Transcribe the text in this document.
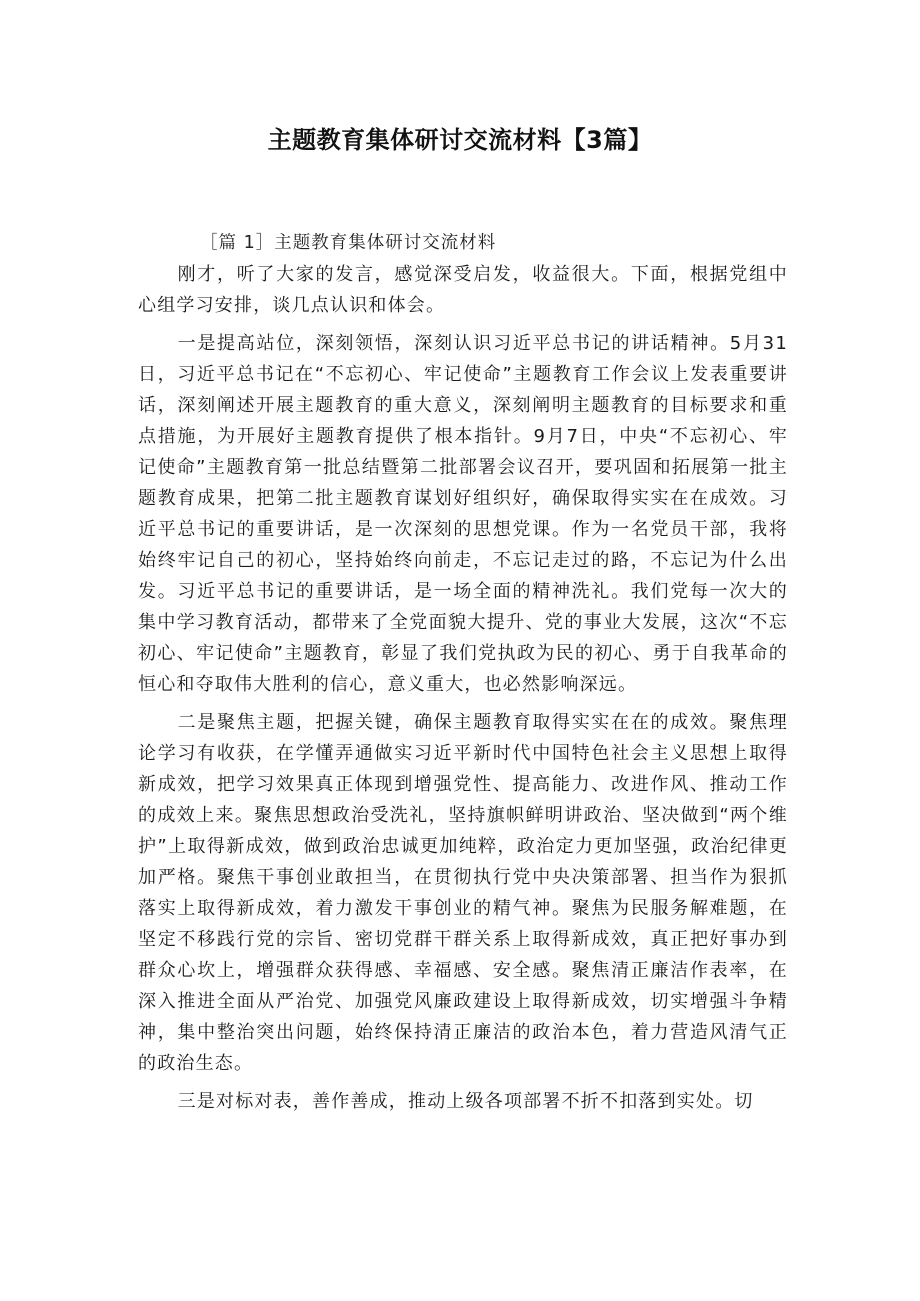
主题教育集体研讨交流材料【3篇】

［篇 1］主题教育集体研讨交流材料

刚才，听了大家的发言，感觉深受启发，收益很大。下面，根据党组中心组学习安排，谈几点认识和体会。

一是提高站位，深刻领悟，深刻认识习近平总书记的讲话精神。5月31日，习近平总书记在“不忘初心、牢记使命”主题教育工作会议上发表重要讲话，深刻阐述开展主题教育的重大意义，深刻阐明主题教育的目标要求和重点措施，为开展好主题教育提供了根本指针。9月7日，中央“不忘初心、牢记使命”主题教育第一批总结暨第二批部署会议召开，要巩固和拓展第一批主题教育成果，把第二批主题教育谋划好组织好，确保取得实实在在成效。习近平总书记的重要讲话，是一次深刻的思想党课。作为一名党员干部，我将始终牢记自己的初心，坚持始终向前走，不忘记走过的路，不忘记为什么出发。习近平总书记的重要讲话，是一场全面的精神洗礼。我们党每一次大的集中学习教育活动，都带来了全党面貌大提升、党的事业大发展，这次“不忘初心、牢记使命”主题教育，彰显了我们党执政为民的初心、勇于自我革命的恒心和夺取伟大胜利的信心，意义重大，也必然影响深远。

二是聚焦主题，把握关键，确保主题教育取得实实在在的成效。聚焦理论学习有收获，在学懂弄通做实习近平新时代中国特色社会主义思想上取得新成效，把学习效果真正体现到增强党性、提高能力、改进作风、推动工作的成效上来。聚焦思想政治受洗礼，坚持旗帜鲜明讲政治、坚决做到“两个维护”上取得新成效，做到政治忠诚更加纯粹，政治定力更加坚强，政治纪律更加严格。聚焦干事创业敢担当，在贯彻执行党中央决策部署、担当作为狠抓落实上取得新成效，着力激发干事创业的精气神。聚焦为民服务解难题，在坚定不移践行党的宗旨、密切党群干群关系上取得新成效，真正把好事办到群众心坎上，增强群众获得感、幸福感、安全感。聚焦清正廉洁作表率，在深入推进全面从严治党、加强党风廉政建设上取得新成效，切实增强斗争精神，集中整治突出问题，始终保持清正廉洁的政治本色，着力营造风清气正的政治生态。

三是对标对表，善作善成，推动上级各项部署不折不扣落到实处。切
